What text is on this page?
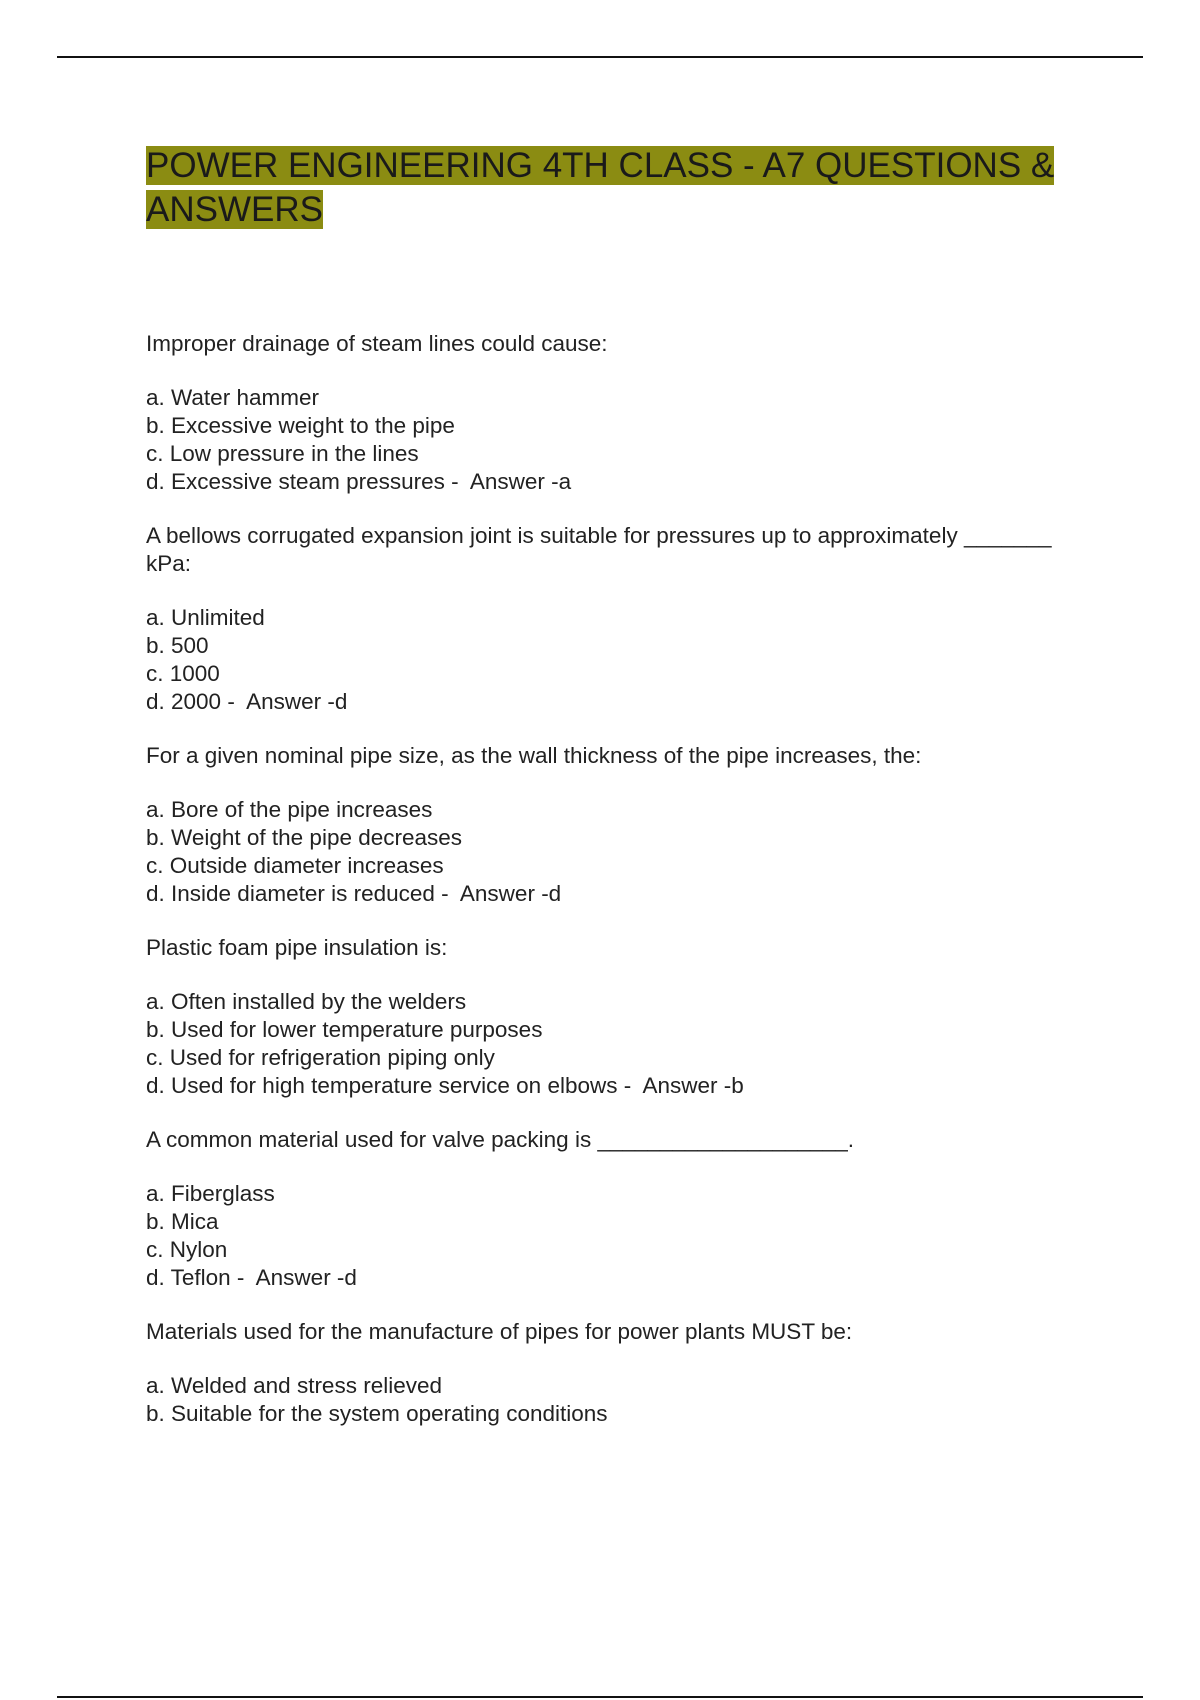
POWER ENGINEERING 4TH CLASS - A7 QUESTIONS & ANSWERS

Improper drainage of steam lines could cause:

a. Water hammer
b. Excessive weight to the pipe
c. Low pressure in the lines
d. Excessive steam pressures -  Answer -a

A bellows corrugated expansion joint is suitable for pressures up to approximately _______ kPa:

a. Unlimited
b. 500
c. 1000
d. 2000 -  Answer -d

For a given nominal pipe size, as the wall thickness of the pipe increases, the:

a. Bore of the pipe increases
b. Weight of the pipe decreases
c. Outside diameter increases
d. Inside diameter is reduced -  Answer -d

Plastic foam pipe insulation is:

a. Often installed by the welders
b. Used for lower temperature purposes
c. Used for refrigeration piping only
d. Used for high temperature service on elbows -  Answer -b

A common material used for valve packing is ____________________.

a. Fiberglass
b. Mica
c. Nylon
d. Teflon -  Answer -d

Materials used for the manufacture of pipes for power plants MUST be:

a. Welded and stress relieved
b. Suitable for the system operating conditions
